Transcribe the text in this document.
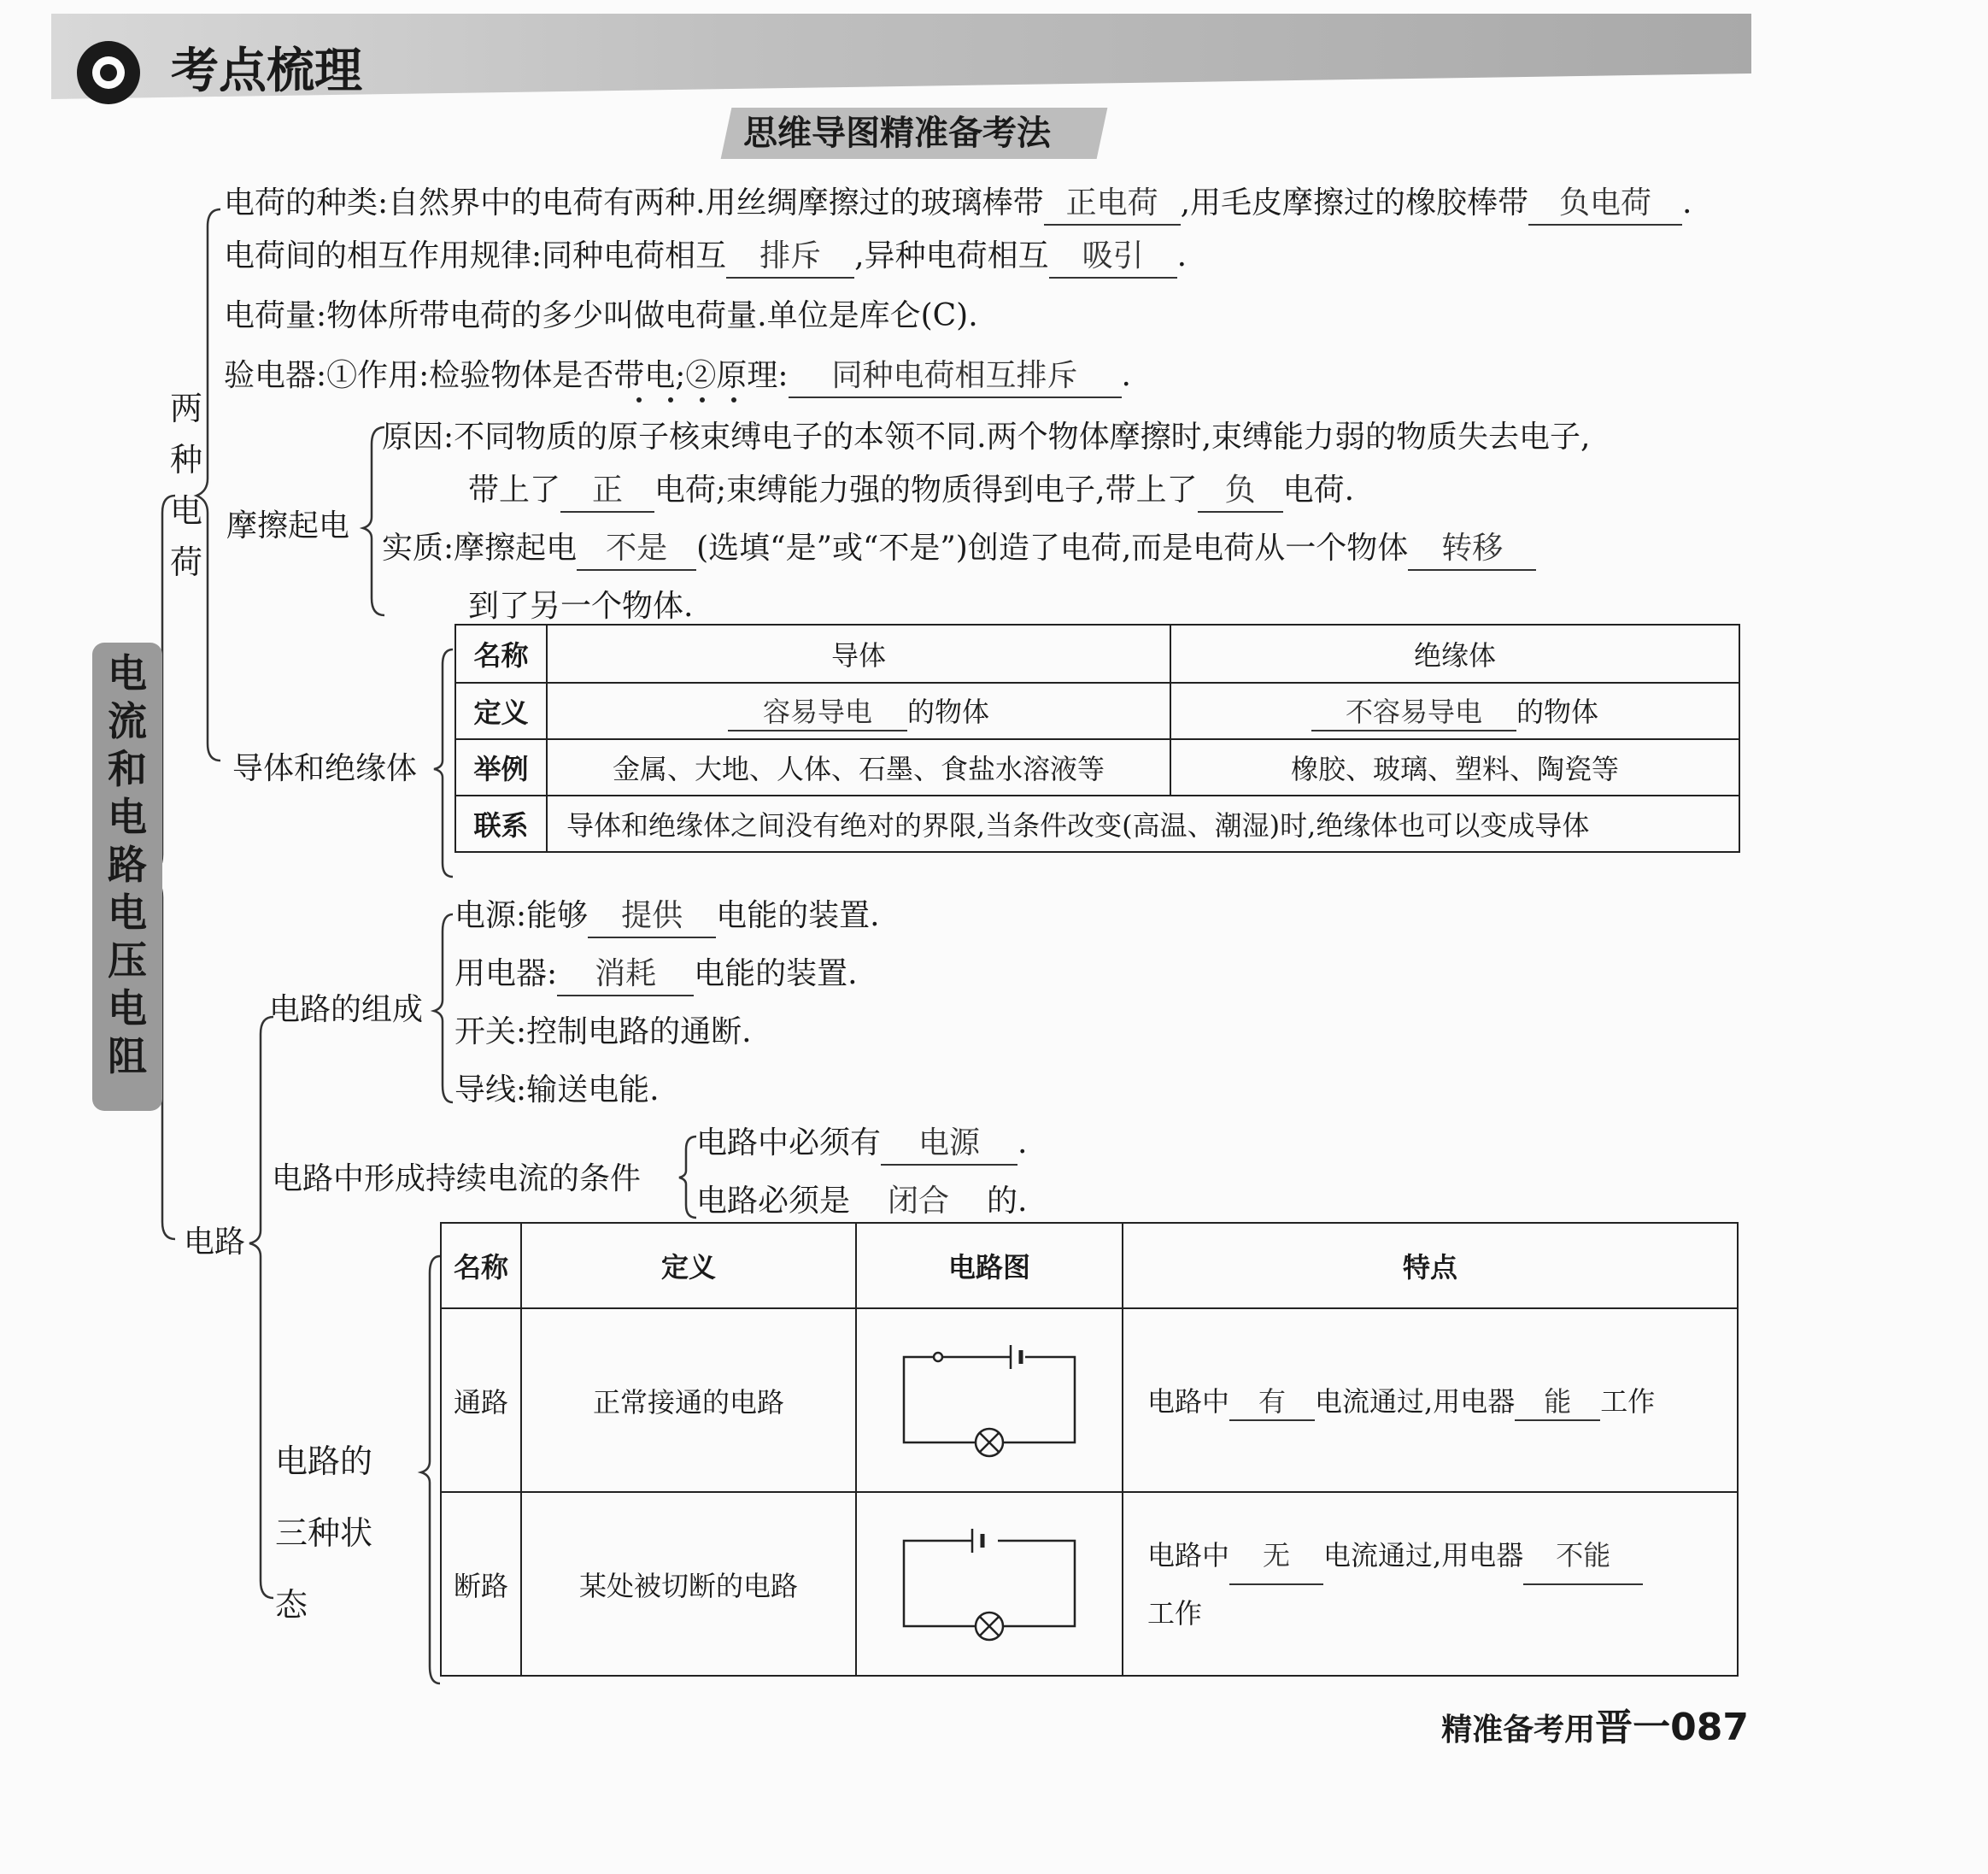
考点梳理
思维导图精准备考法
电流和电路电压电阻
两种电荷
电荷的种类:自然界中的电荷有两种.用丝绸摩擦过的玻璃棒带 正电荷 ,用毛皮摩擦过的橡胶棒带 负电荷 .
电荷间的相互作用规律:同种电荷相互 排斥 ,异种电荷相互 吸引 .
电荷量:物体所带电荷的多少叫做电荷量.单位是库仑(C).
验电器:①作用:检验物体是否带电;②原理: 同种电荷相互排斥 .
摩擦起电
原因:不同物质的原子核束缚电子的本领不同.两个物体摩擦时,束缚能力弱的物质失去电子,
带上了 正 电荷;束缚能力强的物质得到电子,带上了 负 电荷.
实质:摩擦起电 不是 (选填“是”或“不是”)创造了电荷,而是电荷从一个物体 转移
到了另一个物体.
导体和绝缘体
名称	导体	绝缘体
定义	容易导电 的物体	不容易导电 的物体
举例	金属、大地、人体、石墨、食盐水溶液等	橡胶、玻璃、塑料、陶瓷等
联系	导体和绝缘体之间没有绝对的界限,当条件改变(高温、潮湿)时,绝缘体也可以变成导体	
电路
电路的组成
电源:能够 提供 电能的装置.
用电器: 消耗 电能的装置.
开关:控制电路的通断.
导线:输送电能.
电路中形成持续电流的条件
电路中必须有 电源 .
电路必须是 闭合 的.
电路的三种状态
名称	定义	电路图	特点
通路	正常接通的电路		电路中 有 电流通过,用电器 能 工作
断路	某处被切断的电路		电路中 无 电流通过,用电器 不能
工作
精准备考用晋一087
